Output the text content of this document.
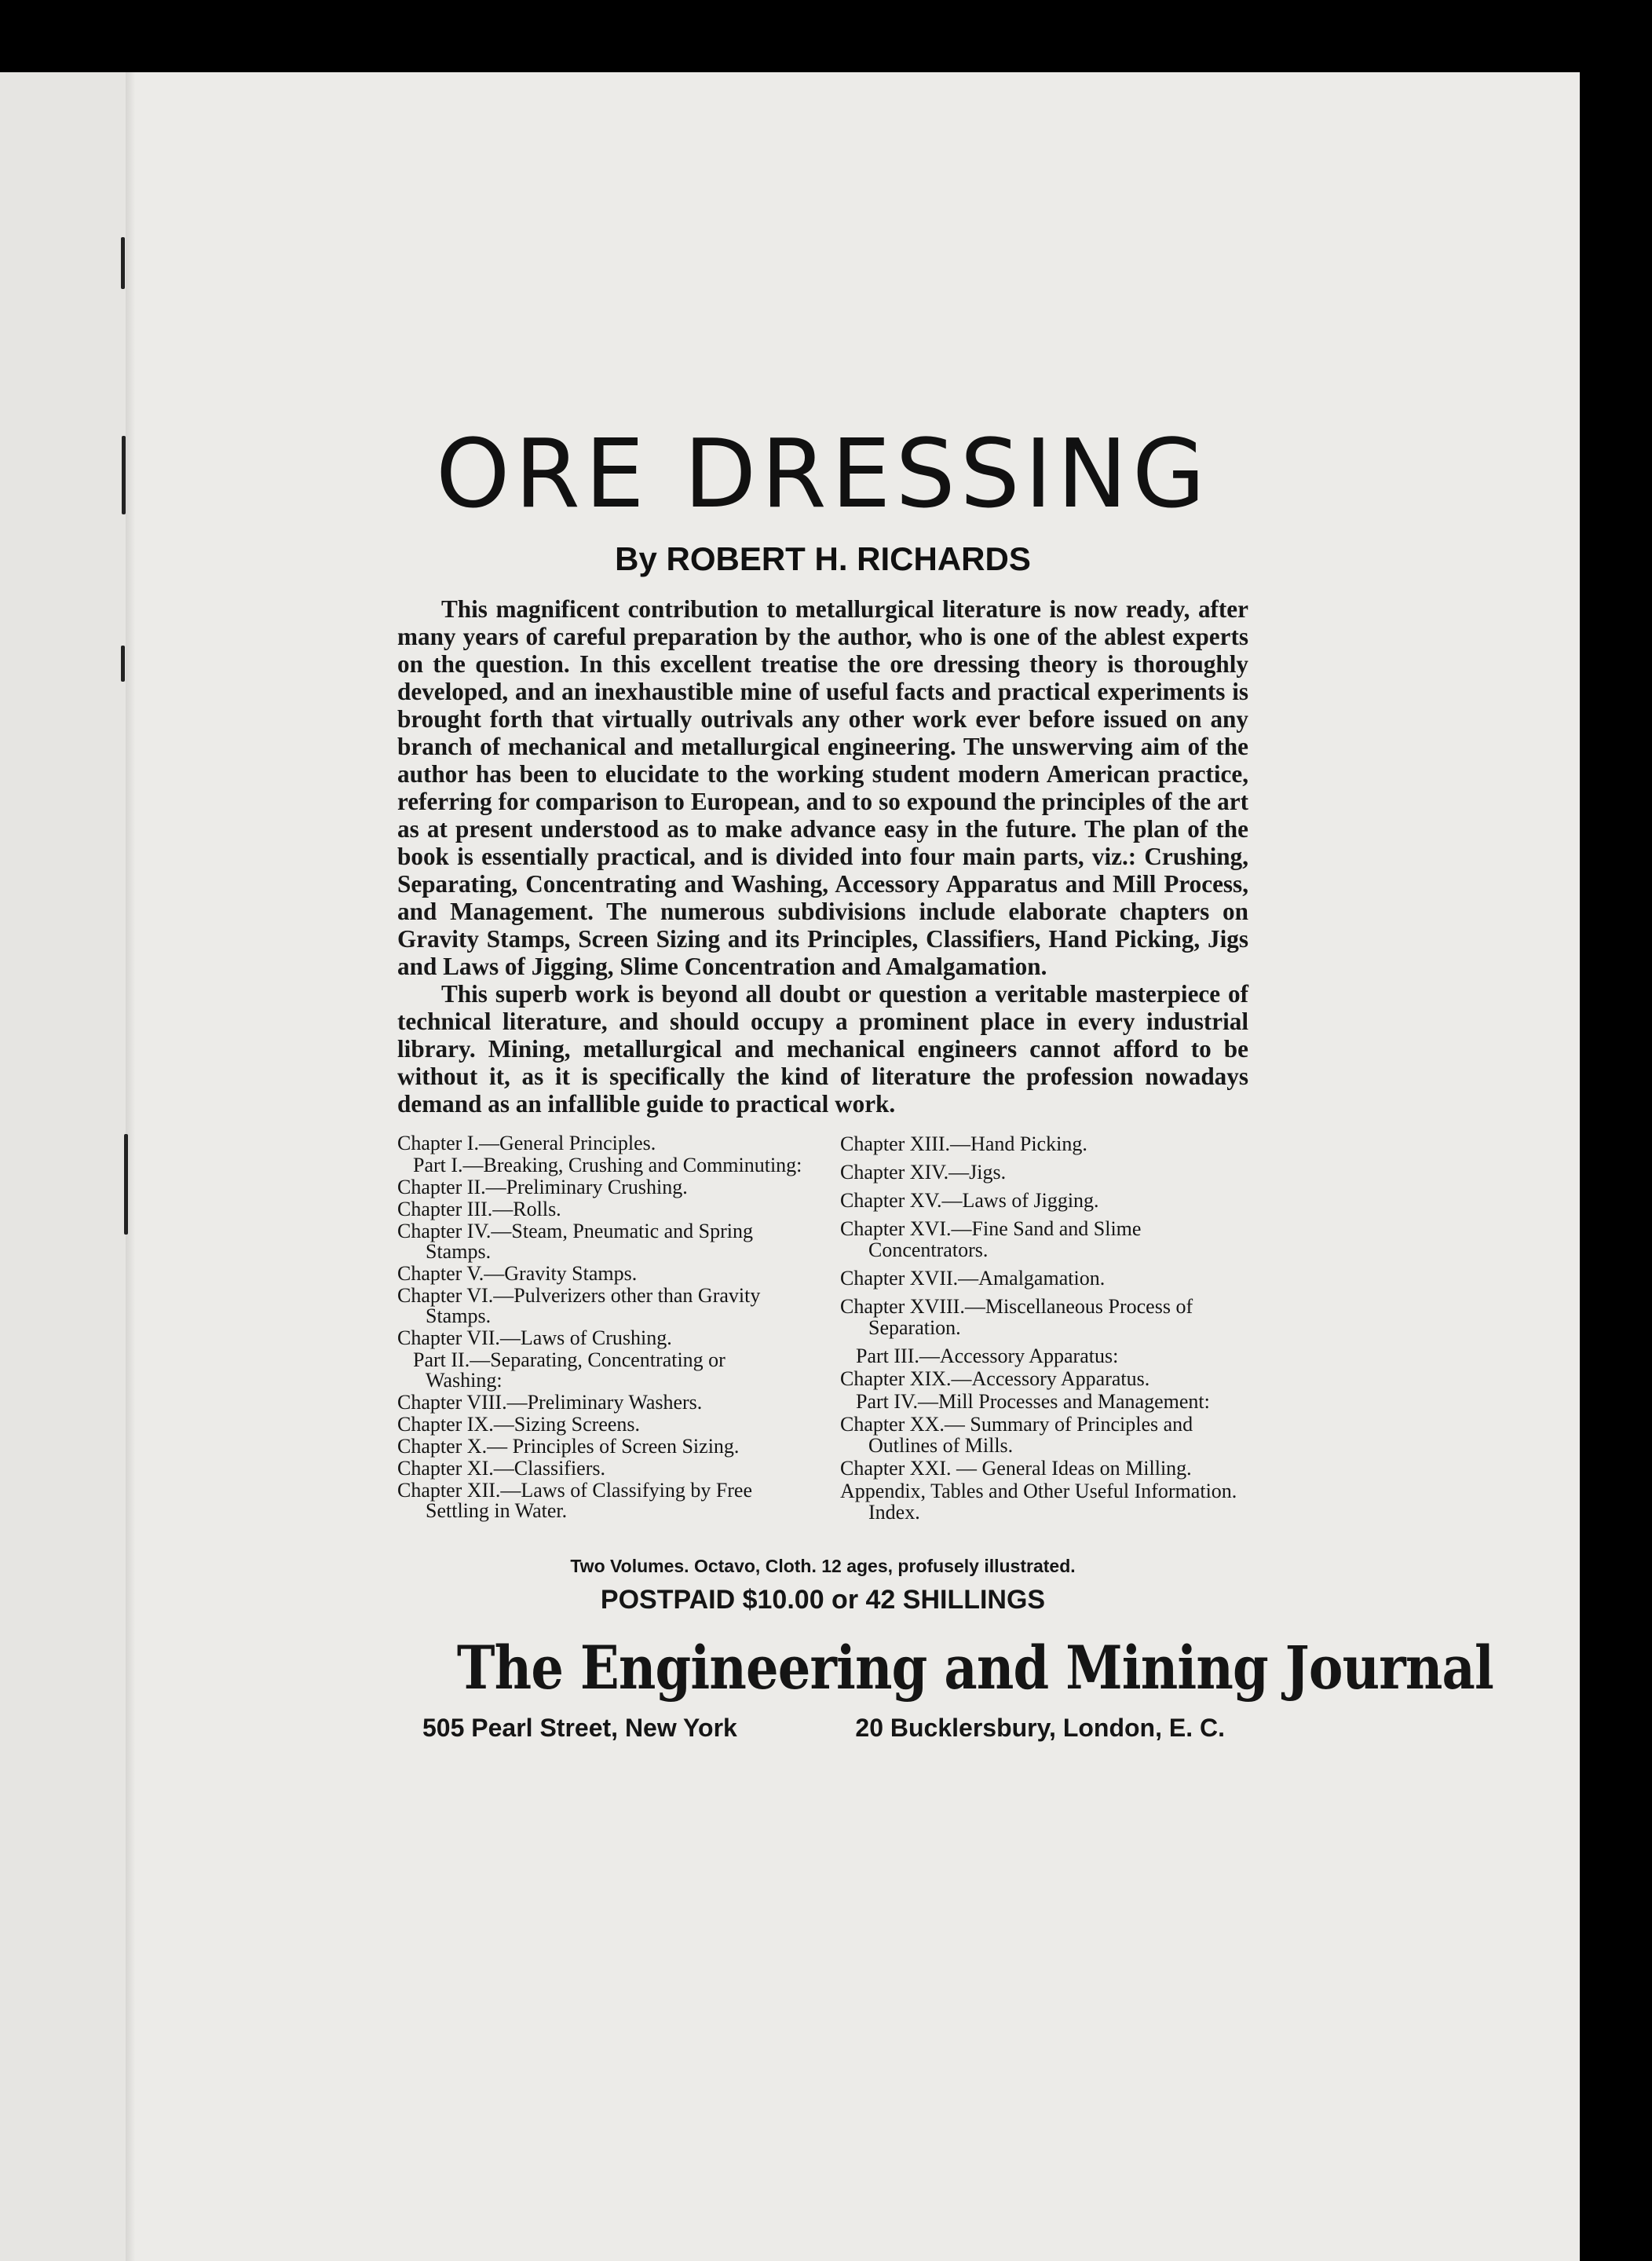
ORE DRESSING
By ROBERT H. RICHARDS

This magnificent contribution to metallurgical literature is now ready, after many years of careful preparation by the author, who is one of the ablest experts on the question. In this excellent treatise the ore dressing theory is thoroughly developed, and an inexhaustible mine of useful facts and practical experiments is brought forth that virtually outrivals any other work ever before issued on any branch of mechanical and metallurgical engineering. The unswerving aim of the author has been to elucidate to the working student modern American practice, referring for comparison to European, and to so expound the principles of the art as at present understood as to make advance easy in the future. The plan of the book is essentially practical, and is divided into four main parts, viz.: Crushing, Separating, Concentrating and Washing, Accessory Apparatus and Mill Process, and Management. The numerous subdivisions include elaborate chapters on Gravity Stamps, Screen Sizing and its Principles, Classifiers, Hand Picking, Jigs and Laws of Jigging, Slime Concentration and Amalgamation.

This superb work is beyond all doubt or question a veritable masterpiece of technical literature, and should occupy a prominent place in every industrial library. Mining, metallurgical and mechanical engineers cannot afford to be without it, as it is specifically the kind of literature the profession nowadays demand as an infallible guide to practical work.

Chapter I.—General Principles.

Part I.—Breaking, Crushing and Comminuting:

Chapter II.—Preliminary Crushing.

Chapter III.—Rolls.

Chapter IV.—Steam, Pneumatic and Spring Stamps.

Chapter V.—Gravity Stamps.

Chapter VI.—Pulverizers other than Gravity Stamps.

Chapter VII.—Laws of Crushing.

Part II.—Separating, Concentrating or Washing:

Chapter VIII.—Preliminary Washers.

Chapter IX.—Sizing Screens.

Chapter X.— Principles of Screen Sizing.

Chapter XI.—Classifiers.

Chapter XII.—Laws of Classifying by Free Settling in Water.

Chapter XIII.—Hand Picking.

Chapter XIV.—Jigs.

Chapter XV.—Laws of Jigging.

Chapter XVI.—Fine Sand and Slime Concentrators.

Chapter XVII.—Amalgamation.

Chapter XVIII.—Miscellaneous Process of Separation.

Part III.—Accessory Apparatus:

Chapter XIX.—Accessory Apparatus.

Part IV.—Mill Processes and Management:

Chapter XX.— Summary of Principles and Outlines of Mills.

Chapter XXI. — General Ideas on Milling.

Appendix, Tables and Other Useful Information. Index.

Two Volumes. Octavo, Cloth. 12 ages, profusely illustrated.
POSTPAID $10.00 or 42 SHILLINGS
The Engineering and Mining Journal
505 Pearl Street, New York	20 Bucklersbury, London, E. C.
